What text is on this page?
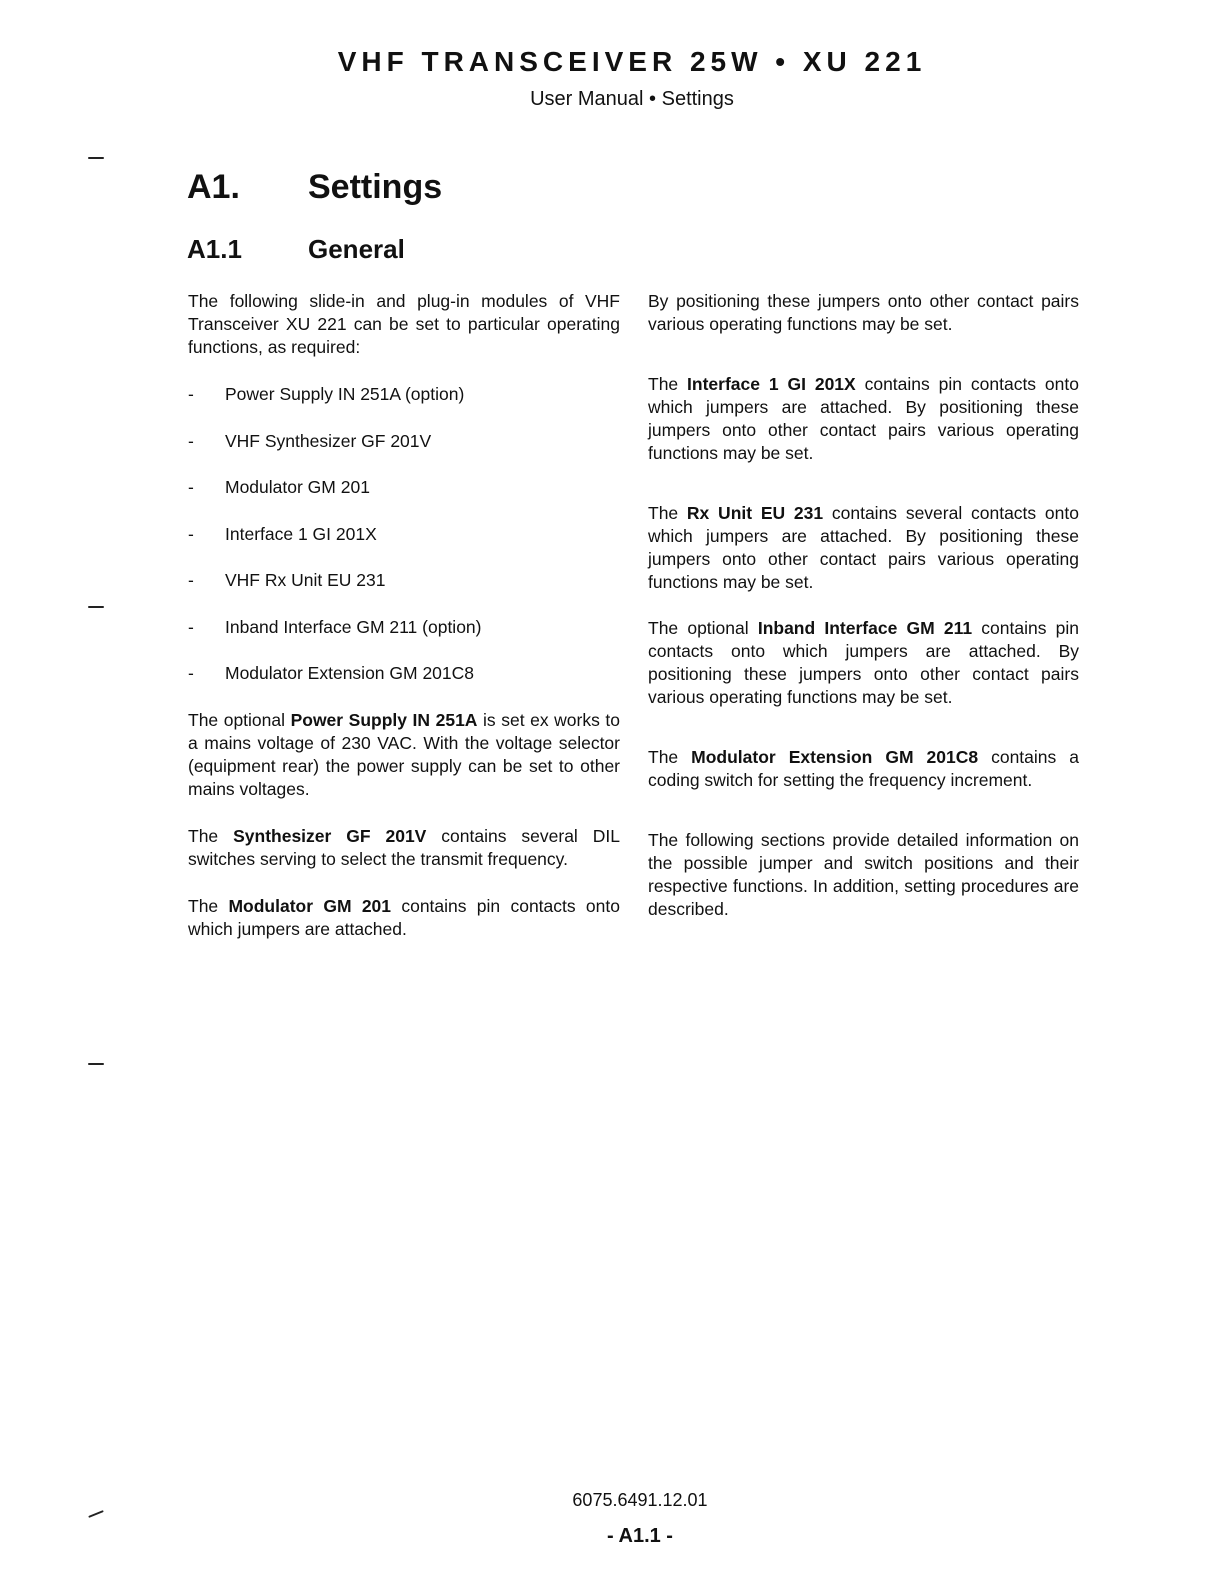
VHF TRANSCEIVER 25W • XU 221
User Manual • Settings
A1. Settings
A1.1	General

The following slide-in and plug-in modules of VHF Transceiver XU 221 can be set to particular operating functions, as required:

- Power Supply IN 251A (option)
- VHF Synthesizer GF 201V
- Modulator GM 201
- Interface 1 GI 201X
- VHF Rx Unit EU 231
- Inband Interface GM 211 (option)
- Modulator Extension GM 201C8

The optional Power Supply IN 251A is set ex works to a mains voltage of 230 VAC. With the voltage selector (equipment rear) the power supply can be set to other mains voltages.

The Synthesizer GF 201V contains several DIL switches serving to select the transmit frequency.

The Modulator GM 201 contains pin contacts onto which jumpers are attached.

By positioning these jumpers onto other contact pairs various operating functions may be set.

The Interface 1 GI 201X contains pin contacts onto which jumpers are attached. By positioning these jumpers onto other contact pairs various operating functions may be set.

The Rx Unit EU 231 contains several contacts onto which jumpers are attached. By positioning these jumpers onto other contact pairs various operating functions may be set.

The optional Inband Interface GM 211 contains pin contacts onto which jumpers are attached. By positioning these jumpers onto other contact pairs various operating functions may be set.

The Modulator Extension GM 201C8 contains a coding switch for setting the frequency increment.

The following sections provide detailed information on the possible jumper and switch positions and their respective functions. In addition, setting procedures are described.

6075.6491.12.01
- A1.1 -
